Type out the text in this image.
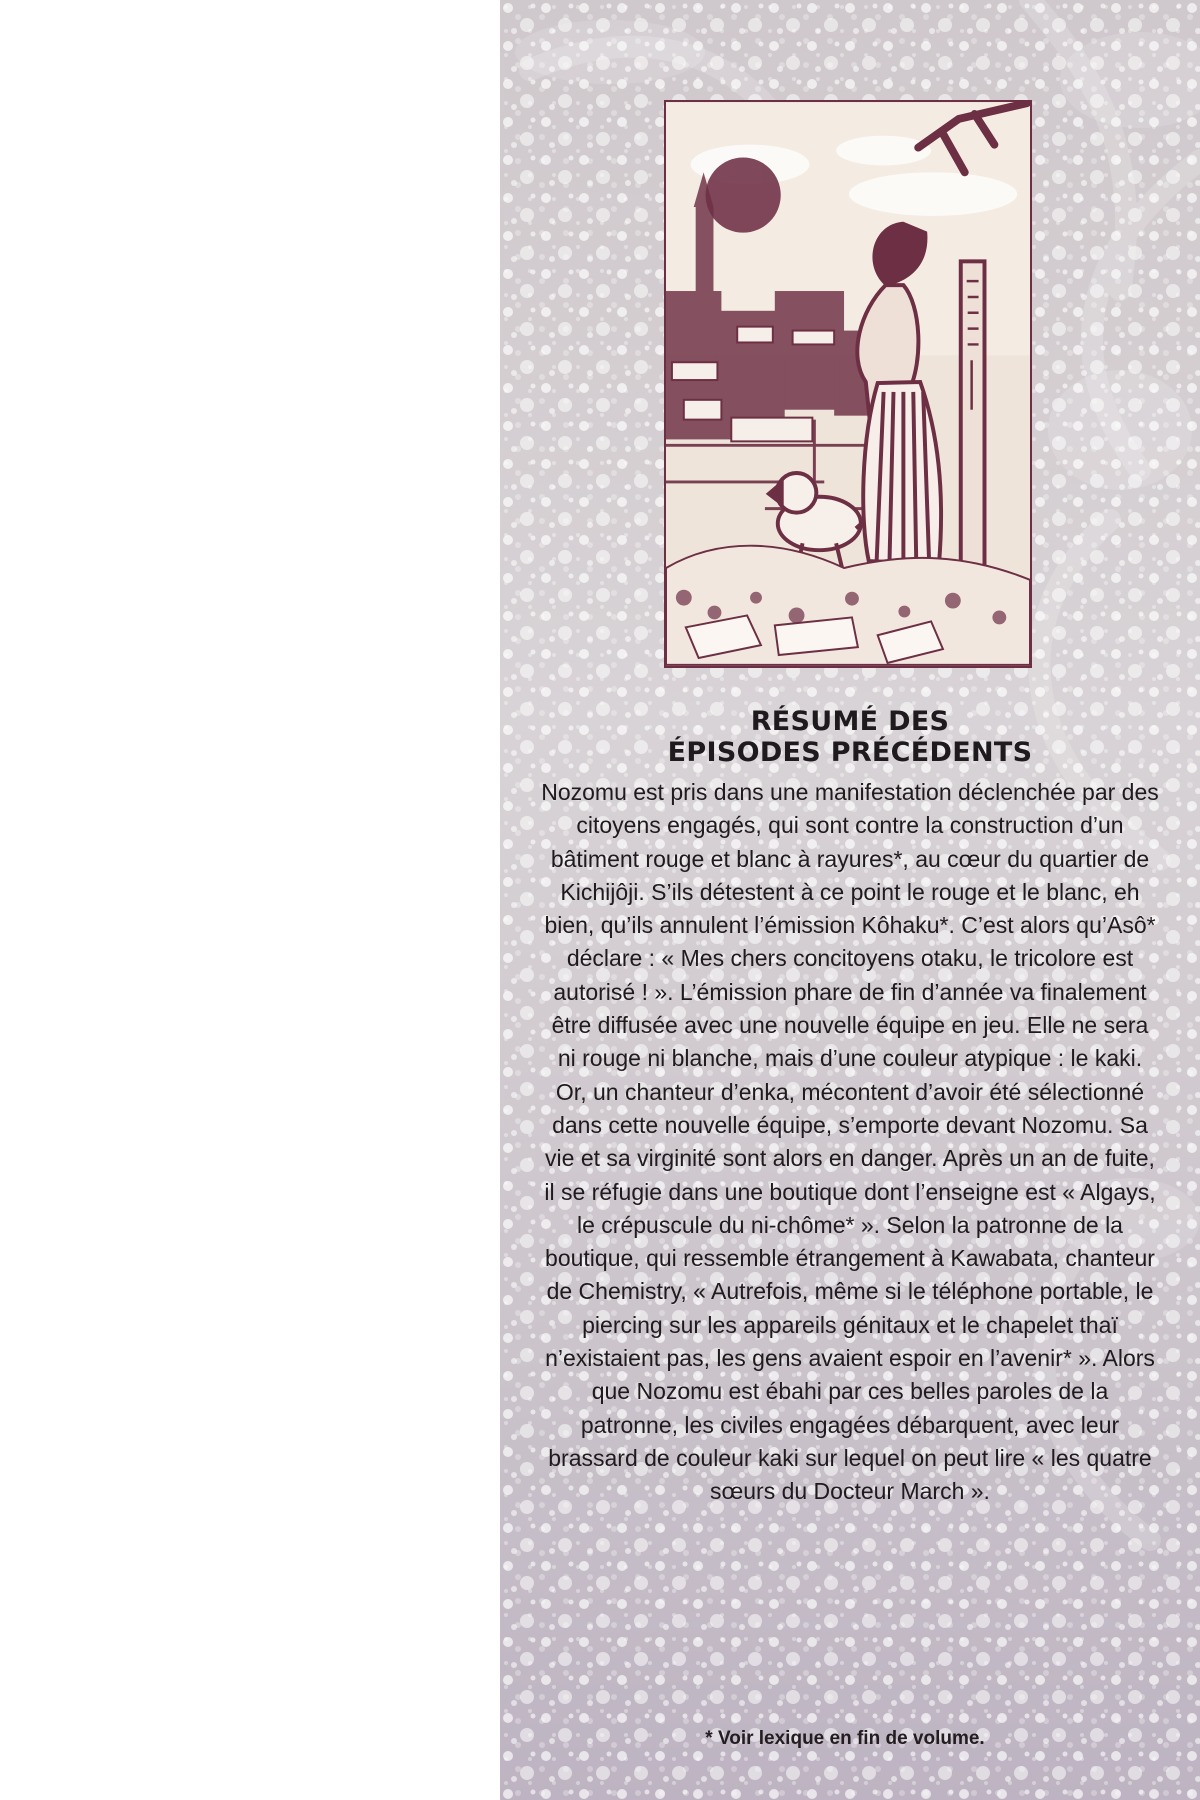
RÉSUMÉ DES
ÉPISODES PRÉCÉDENTS

Nozomu est pris dans une manifestation déclenchée par des citoyens engagés, qui sont contre la construction d’un bâtiment rouge et blanc à rayures*, au cœur du quartier de Kichijôji. S’ils détestent à ce point le rouge et le blanc, eh bien, qu’ils annulent l’émission Kôhaku*. C’est alors qu’Asô* déclare : « Mes chers concitoyens otaku, le tricolore est autorisé ! ». L’émission phare de fin d’année va finalement être diffusée avec une nouvelle équipe en jeu. Elle ne sera ni rouge ni blanche, mais d’une couleur atypique : le kaki. Or, un chanteur d’enka, mécontent d’avoir été sélectionné dans cette nouvelle équipe, s’emporte devant Nozomu. Sa vie et sa virginité sont alors en danger. Après un an de fuite, il se réfugie dans une boutique dont l’enseigne est « Algays, le crépuscule du ni-chôme* ». Selon la patronne de la boutique, qui ressemble étrangement à Kawabata, chanteur de Chemistry, « Autrefois, même si le téléphone portable, le piercing sur les appareils génitaux et le chapelet thaï n’existaient pas, les gens avaient espoir en l’avenir* ». Alors que Nozomu est ébahi par ces belles paroles de la patronne, les civiles engagées débarquent, avec leur brassard de couleur kaki sur lequel on peut lire « les quatre sœurs du Docteur March ».

* Voir lexique en fin de volume.
